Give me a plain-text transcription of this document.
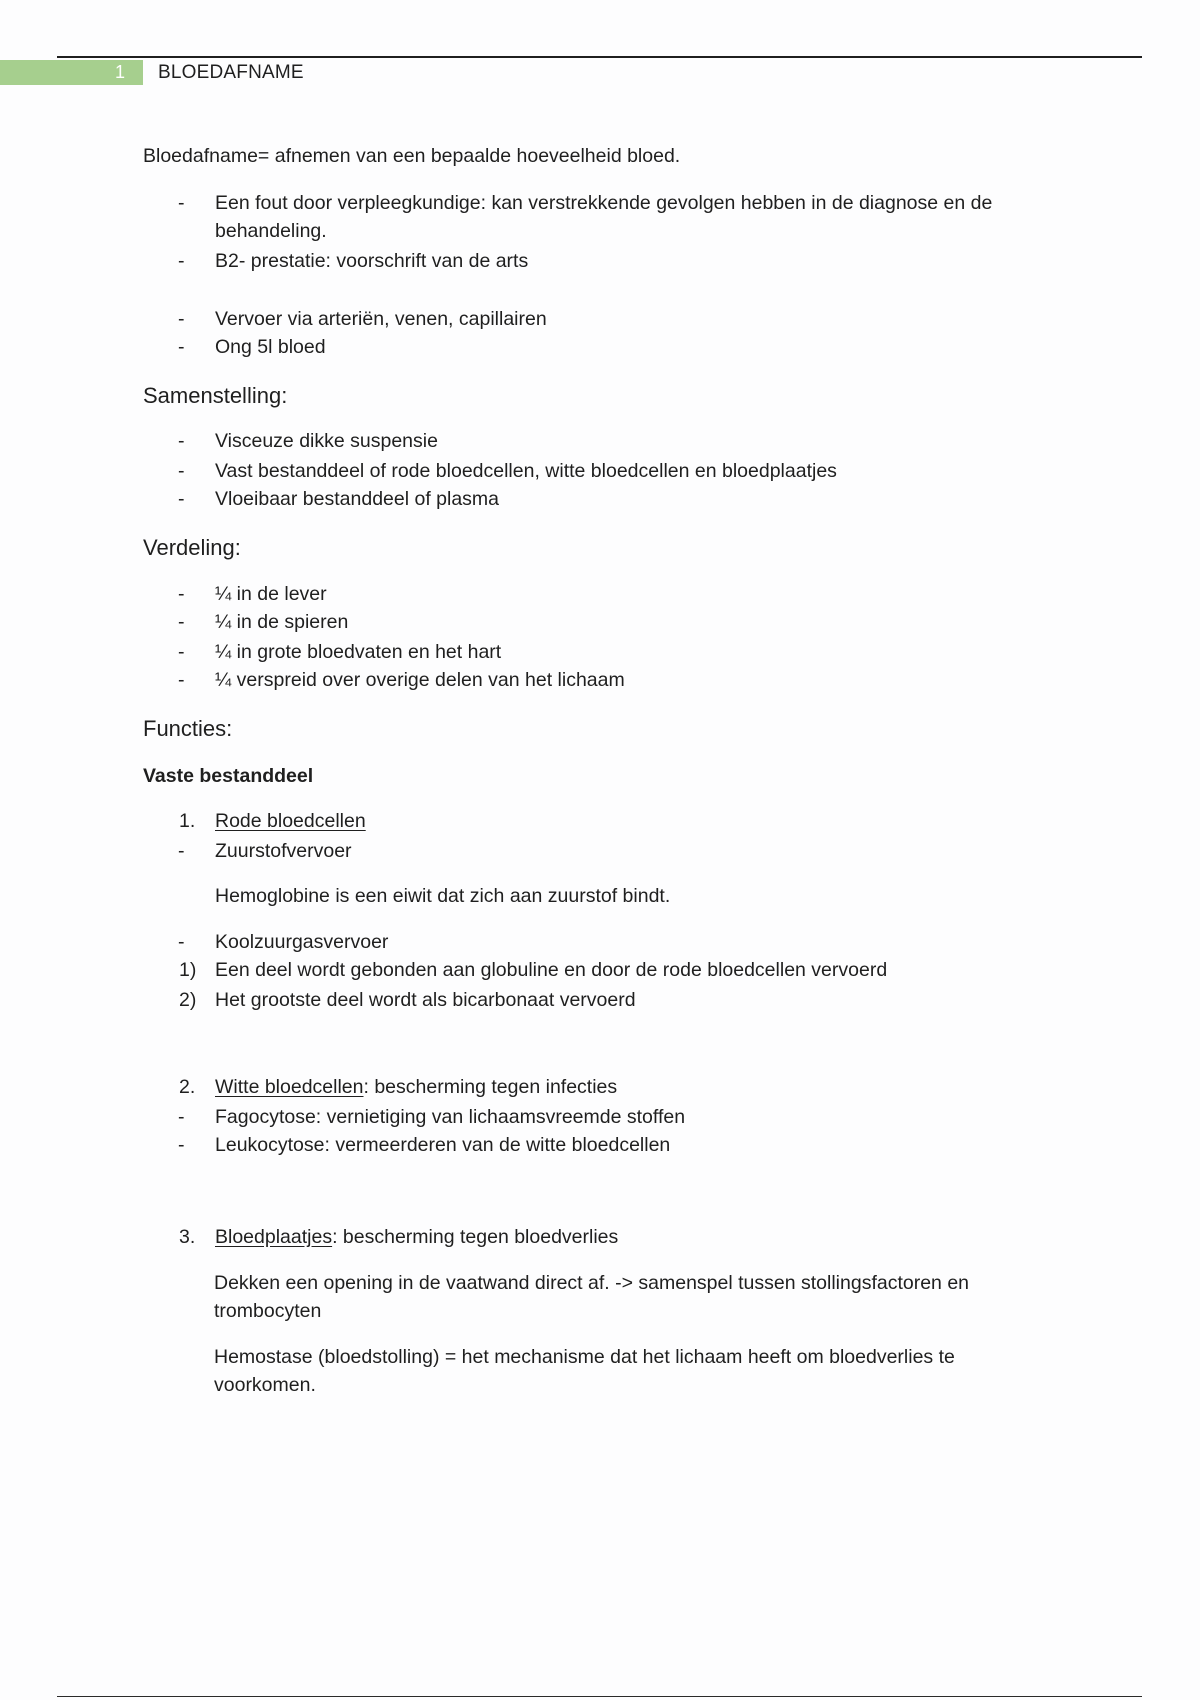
1 BLOEDAFNAME
Bloedafname= afnemen van een bepaalde hoeveelheid bloed.
- Een fout door verpleegkundige: kan verstrekkende gevolgen hebben in de diagnose en de
behandeling.
- B2- prestatie: voorschrift van de arts
- Vervoer via arteriën, venen, capillairen
- Ong 5l bloed
Samenstelling:
- Visceuze dikke suspensie
- Vast bestanddeel of rode bloedcellen, witte bloedcellen en bloedplaatjes
- Vloeibaar bestanddeel of plasma
Verdeling:
- ¼ in de lever
- ¼ in de spieren
- ¼ in grote bloedvaten en het hart
- ¼ verspreid over overige delen van het lichaam
Functies:
Vaste bestanddeel
1. Rode bloedcellen
- Zuurstofvervoer
Hemoglobine is een eiwit dat zich aan zuurstof bindt.
- Koolzuurgasvervoer
1) Een deel wordt gebonden aan globuline en door de rode bloedcellen vervoerd
2) Het grootste deel wordt als bicarbonaat vervoerd
2. Witte bloedcellen: bescherming tegen infecties
- Fagocytose: vernietiging van lichaamsvreemde stoffen
- Leukocytose: vermeerderen van de witte bloedcellen
3. Bloedplaatjes: bescherming tegen bloedverlies
Dekken een opening in de vaatwand direct af. -> samenspel tussen stollingsfactoren en
trombocyten
Hemostase (bloedstolling) = het mechanisme dat het lichaam heeft om bloedverlies te
voorkomen.
